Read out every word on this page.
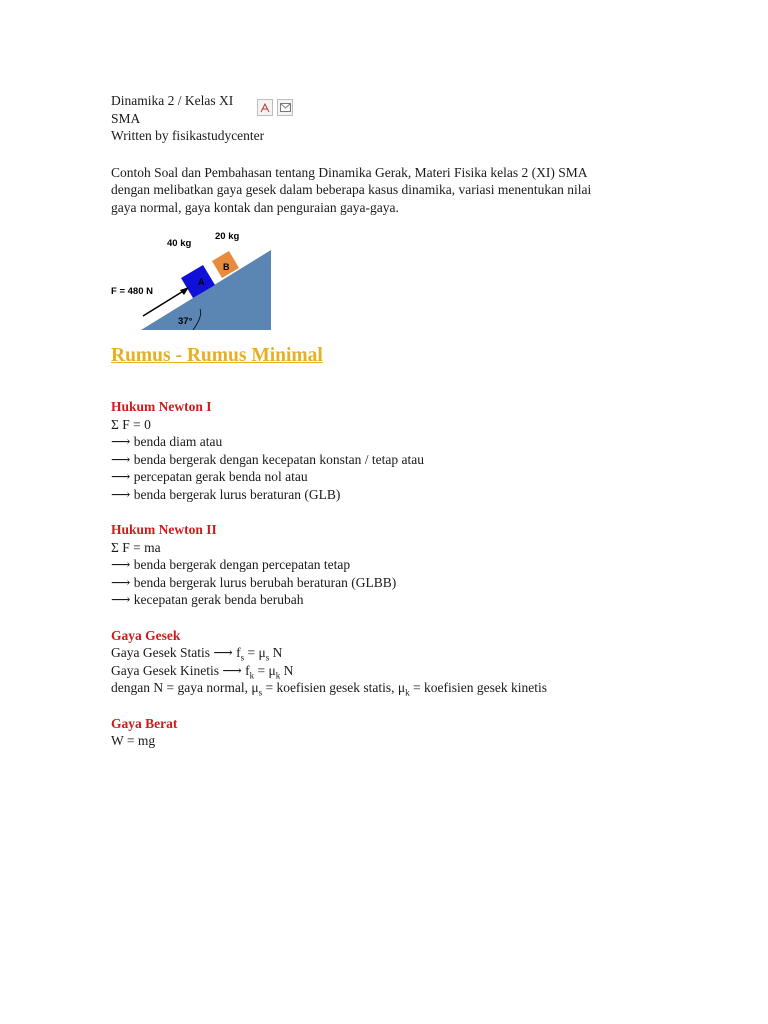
Dinamika 2 / Kelas XI
SMA
Written by fisikastudycenter
Contoh Soal dan Pembahasan tentang Dinamika Gerak, Materi Fisika kelas 2 (XI) SMA
dengan melibatkan gaya gesek dalam beberapa kasus dinamika, variasi menentukan nilai
gaya normal, gaya kontak dan penguraian gaya-gaya.
A
B
40 kg
20 kg
F = 480 N
37°
Rumus - Rumus Minimal
Hukum Newton I
Σ F = 0
⟶ benda diam atau
⟶ benda bergerak dengan kecepatan konstan / tetap atau
⟶ percepatan gerak benda nol atau
⟶ benda bergerak lurus beraturan (GLB)
Hukum Newton II
Σ F = ma
⟶ benda bergerak dengan percepatan tetap
⟶ benda bergerak lurus berubah beraturan (GLBB)
⟶ kecepatan gerak benda berubah
Gaya Gesek
Gaya Gesek Statis ⟶ $f_s = \mu_s$ N
Gaya Gesek Kinetis ⟶ $f_k = \mu_k$ N
dengan N = gaya normal, $\mu_s$ = koefisien gesek statis, $\mu_k$ = koefisien gesek kinetis
Gaya Berat
W = mg
